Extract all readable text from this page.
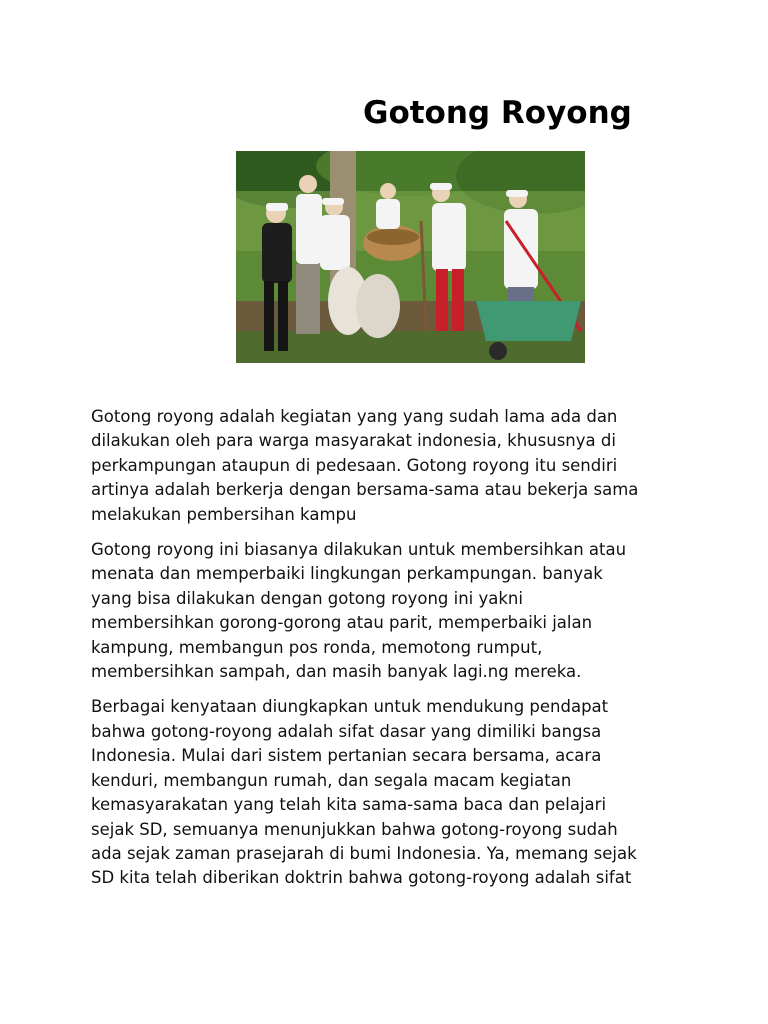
Gotong Royong

Gotong royong adalah kegiatan yang yang sudah lama ada dan
dilakukan oleh para warga masyarakat indonesia, khususnya di
perkampungan ataupun di pedesaan. Gotong royong itu sendiri
artinya adalah berkerja dengan bersama-sama atau bekerja sama
melakukan pembersihan kampu

Gotong royong ini biasanya dilakukan untuk membersihkan atau
menata dan memperbaiki lingkungan perkampungan. banyak
yang bisa dilakukan dengan gotong royong ini yakni
membersihkan gorong-gorong atau parit, memperbaiki jalan
kampung, membangun pos ronda, memotong rumput,
membersihkan sampah, dan masih banyak lagi.ng mereka.

Berbagai kenyataan diungkapkan untuk mendukung pendapat
bahwa gotong-royong adalah sifat dasar yang dimiliki bangsa
Indonesia. Mulai dari sistem pertanian secara bersama, acara
kenduri, membangun rumah, dan segala macam kegiatan
kemasyarakatan yang telah kita sama-sama baca dan pelajari
sejak SD, semuanya menunjukkan bahwa gotong-royong sudah
ada sejak zaman prasejarah di bumi Indonesia. Ya, memang sejak
SD kita telah diberikan doktrin bahwa gotong-royong adalah sifat
